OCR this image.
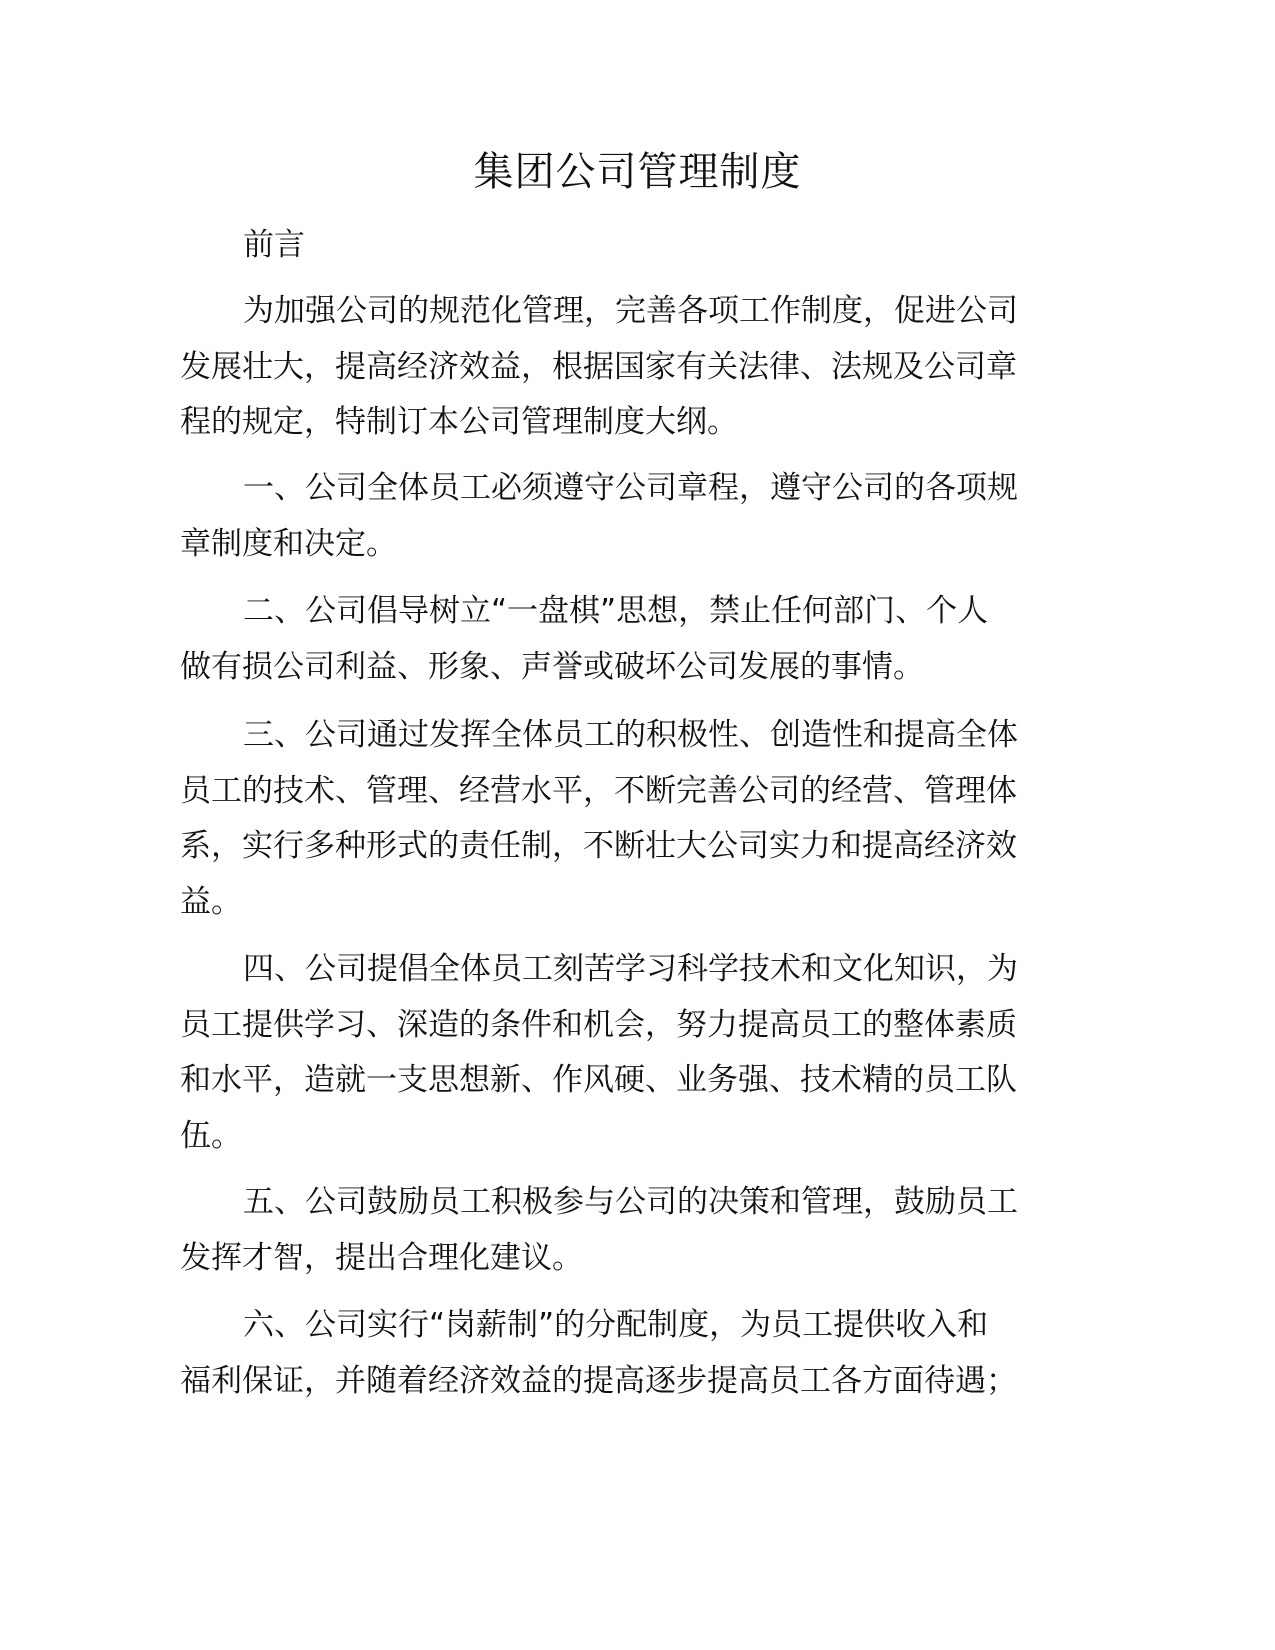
集团公司管理制度
前言
为加强公司的规范化管理，完善各项工作制度，促进公司
发展壮大，提高经济效益，根据国家有关法律、法规及公司章
程的规定，特制订本公司管理制度大纲。
一、公司全体员工必须遵守公司章程，遵守公司的各项规
章制度和决定。
二、公司倡导树立“一盘棋”思想，禁止任何部门、个人
做有损公司利益、形象、声誉或破坏公司发展的事情。
三、公司通过发挥全体员工的积极性、创造性和提高全体
员工的技术、管理、经营水平，不断完善公司的经营、管理体
系，实行多种形式的责任制，不断壮大公司实力和提高经济效
益。
四、公司提倡全体员工刻苦学习科学技术和文化知识，为
员工提供学习、深造的条件和机会，努力提高员工的整体素质
和水平，造就一支思想新、作风硬、业务强、技术精的员工队
伍。
五、公司鼓励员工积极参与公司的决策和管理，鼓励员工
发挥才智，提出合理化建议。
六、公司实行“岗薪制”的分配制度，为员工提供收入和
福利保证，并随着经济效益的提高逐步提高员工各方面待遇；
